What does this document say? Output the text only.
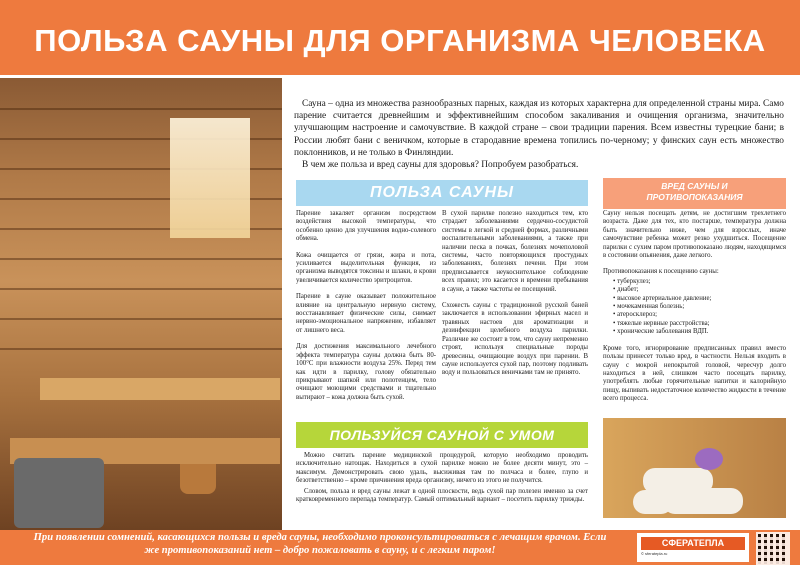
ПОЛЬЗА САУНЫ ДЛЯ ОРГАНИЗМА ЧЕЛОВЕКА

Сауна – одна из множества разнообразных парных, каждая из которых характерна для определенной страны мира. Само парение считается древнейшим и эффективнейшим способом закаливания и очищения организма, значительно улучшающим настроение и самочувствие. В каждой стране – свои традиции парения. Всем известны турецкие бани; в России любят бани с веничком, которые в стародавние времена топились по-черному; у финских саун есть множество поклонников, и не только в Финляндии.

В чем же польза и вред сауны для здоровья? Попробуем разобраться.

ПОЛЬЗА САУНЫ

Парение закаляет организм посредством воздействия высокой температуры, что особенно ценно для улучшения водно-солевого обмена.

Кожа очищается от грязи, жира и пота, усиливается выделительная функция, из организма выводятся токсины и шлаки, в крови увеличивается количество эритроцитов.

Парение в сауне оказывает положительное влияние на центральную нервную систему, восстанавливает физические силы, снимает нервно-эмоциональное напряжение, избавляет от лишнего веса.

Для достижения максимального лечебного эффекта температура сауны должна быть 80-100°С при влажности воздуха 25%. Перед тем как идти в парилку, голову обязательно прикрывают шапкой или полотенцем, тело очищают моющими средствами и тщательно вытирают – кожа должна быть сухой.

В сухой парилке полезно находиться тем, кто страдает заболеваниями сердечно-сосудистой системы в легкой и средней формах, различными воспалительными заболеваниями, а также при наличии песка в почках, болезнях мочеполовой системы, часто повторяющихся простудных заболеваниях, болезнях печени. При этом предписывается неукоснительное соблюдение всех правил; это касается и времени пребывания в сауне, а также частоты ее посещений.

Схожесть сауны с традиционной русской баней заключается в использовании эфирных масел и травяных настоев для ароматизации и дезинфекции целебного воздуха парилки. Различие же состоит в том, что сауну непременно строят, используя специальные породы древесины, очищающие воздух при парении. В сауне используется сухой пар, поэтому подливать воду и пользоваться веничками там не принято.

ВРЕД САУНЫ И
ПРОТИВОПОКАЗАНИЯ

Сауну нельзя посещать детям, не достигшим трехлетнего возраста. Даже для тех, кто постарше, температура должна быть значительно ниже, чем для взрослых, иначе самочувствие ребенка может резко ухудшиться. Посещение парилки с сухим паром противопоказано людям, находящимся в состоянии опьянения, даже легкого.

Противопоказания к посещению сауны:

• туберкулез;
• диабет;
• высокое артериальное давление;
• мочекаменная болезнь;
• атеросклероз;
• тяжелые нервные расстройства;
• хронические заболевания ВДП.

Кроме того, игнорирование предписанных правил вместо пользы принесет только вред, в частности. Нельзя входить в сауну с мокрой непокрытой головой, чересчур долго находиться в ней, слишком часто посещать парилку, употреблять любые горячительные напитки и калорийную пищу, выпивать недостаточное количество жидкости в течение всего процесса.

ПОЛЬЗУЙСЯ САУНОЙ С УМОМ

Можно считать парение медицинской процедурой, которую необходимо проводить исключительно натощак. Находиться в сухой парилке можно не более десяти минут, это – максимум. Демонстрировать свою удаль, высиживая там по полчаса и более, глупо и безответственно – кроме причинения вреда организму, ничего из этого не получится.

Словом, польза и вред сауны лежат в одной плоскости, ведь сухой пар полезен именно за счет кратковременного перепада температур. Самый оптимальный вариант – посетить парилку трижды.

При появлении сомнений, касающихся пользы и вреда сауны, необходимо проконсультироваться с лечащим врачом. Если
же противопоказаний нет – добро пожаловать в сауну, и с легким паром!
СФЕРАТЕПЛА
© sferatepla.ru
